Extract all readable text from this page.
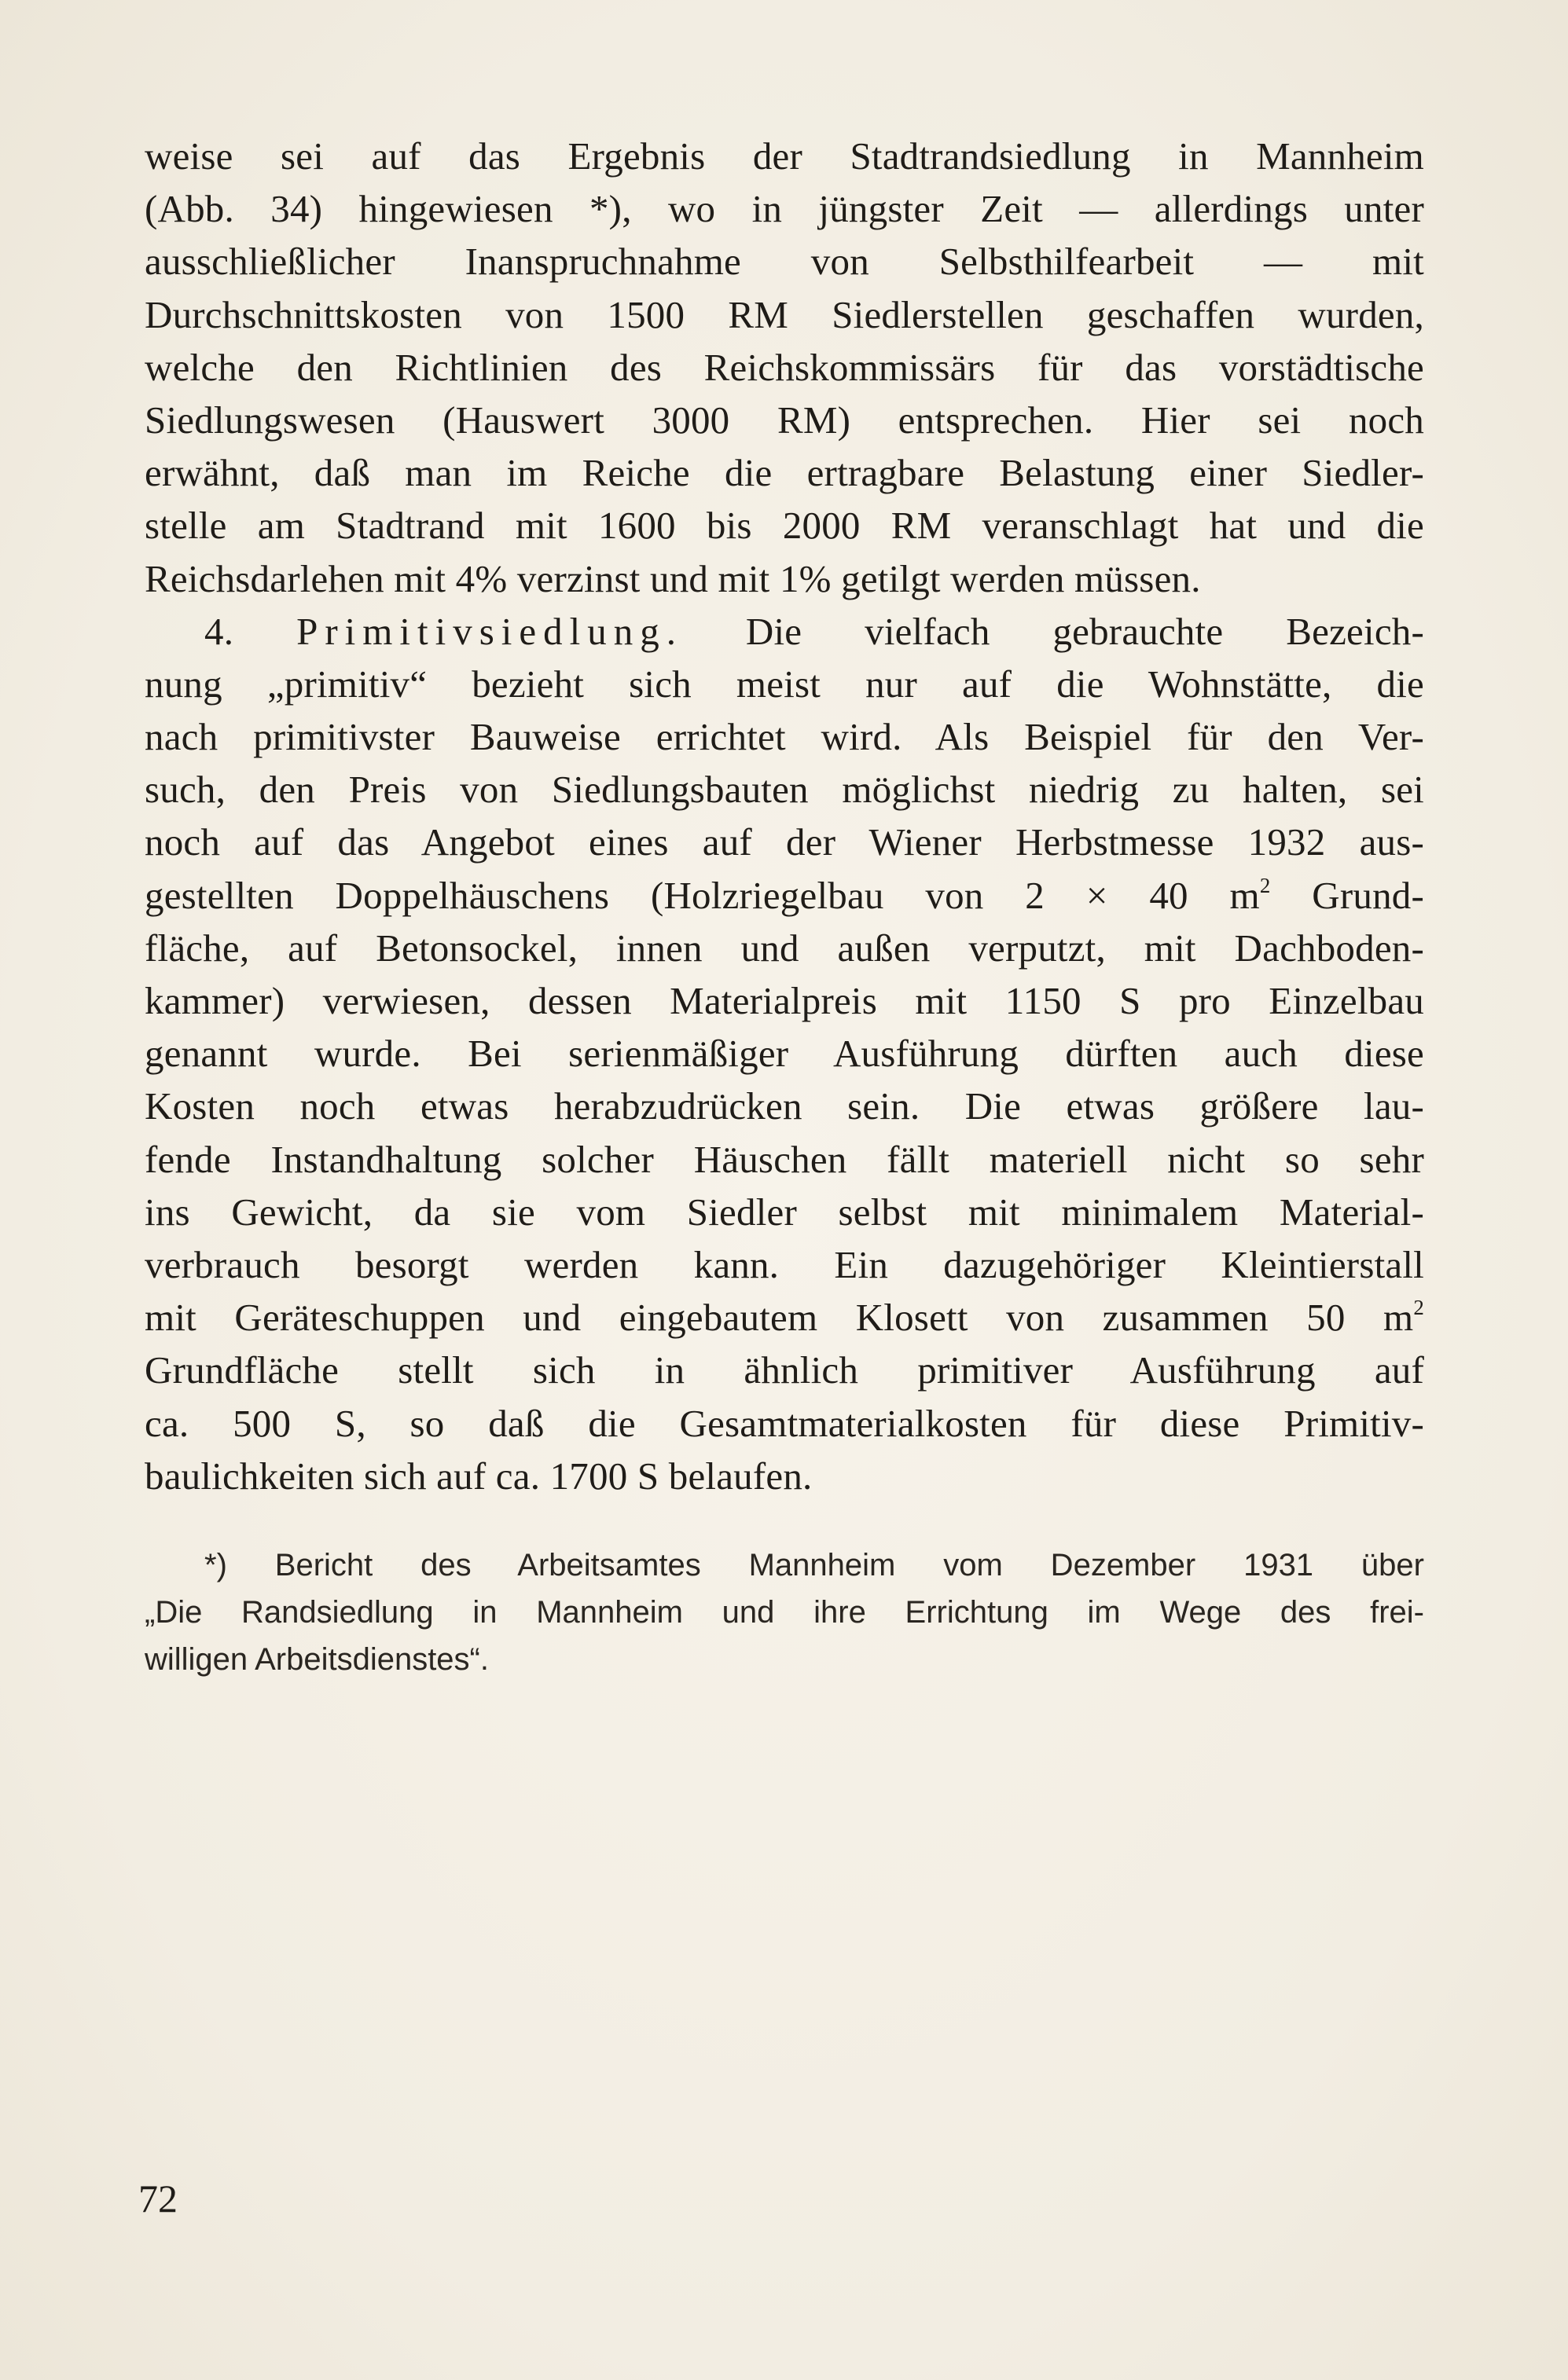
weise sei auf das Ergebnis der Stadtrandsiedlung in Mannheim
(Abb. 34) hingewiesen *), wo in jüngster Zeit — allerdings unter
ausschließlicher Inanspruchnahme von Selbsthilfearbeit — mit
Durchschnittskosten von 1500 RM Siedlerstellen geschaffen wurden,
welche den Richtlinien des Reichskommissärs für das vorstädtische
Siedlungswesen (Hauswert 3000 RM) entsprechen. Hier sei noch
erwähnt, daß man im Reiche die ertragbare Belastung einer Siedler-
stelle am Stadtrand mit 1600 bis 2000 RM veranschlagt hat und die
Reichsdarlehen mit 4% verzinst und mit 1% getilgt werden müssen.
4. Primitivsiedlung. Die vielfach gebrauchte Bezeich-
nung „primitiv“ bezieht sich meist nur auf die Wohnstätte, die
nach primitivster Bauweise errichtet wird. Als Beispiel für den Ver-
such, den Preis von Siedlungsbauten möglichst niedrig zu halten, sei
noch auf das Angebot eines auf der Wiener Herbstmesse 1932 aus-
gestellten Doppelhäuschens (Holzriegelbau von 2 × 40 $m^2$ Grund-
fläche, auf Betonsockel, innen und außen verputzt, mit Dachboden-
kammer) verwiesen, dessen Materialpreis mit 1150 S pro Einzelbau
genannt wurde. Bei serienmäßiger Ausführung dürften auch diese
Kosten noch etwas herabzudrücken sein. Die etwas größere lau-
fende Instandhaltung solcher Häuschen fällt materiell nicht so sehr
ins Gewicht, da sie vom Siedler selbst mit minimalem Material-
verbrauch besorgt werden kann. Ein dazugehöriger Kleintierstall
mit Geräteschuppen und eingebautem Klosett von zusammen 50 $m^2$
Grundfläche stellt sich in ähnlich primitiver Ausführung auf
ca. 500 S, so daß die Gesamtmaterialkosten für diese Primitiv-
baulichkeiten sich auf ca. 1700 S belaufen.
*) Bericht des Arbeitsamtes Mannheim vom Dezember 1931 über
„Die Randsiedlung in Mannheim und ihre Errichtung im Wege des frei-
willigen Arbeitsdienstes“.
72
